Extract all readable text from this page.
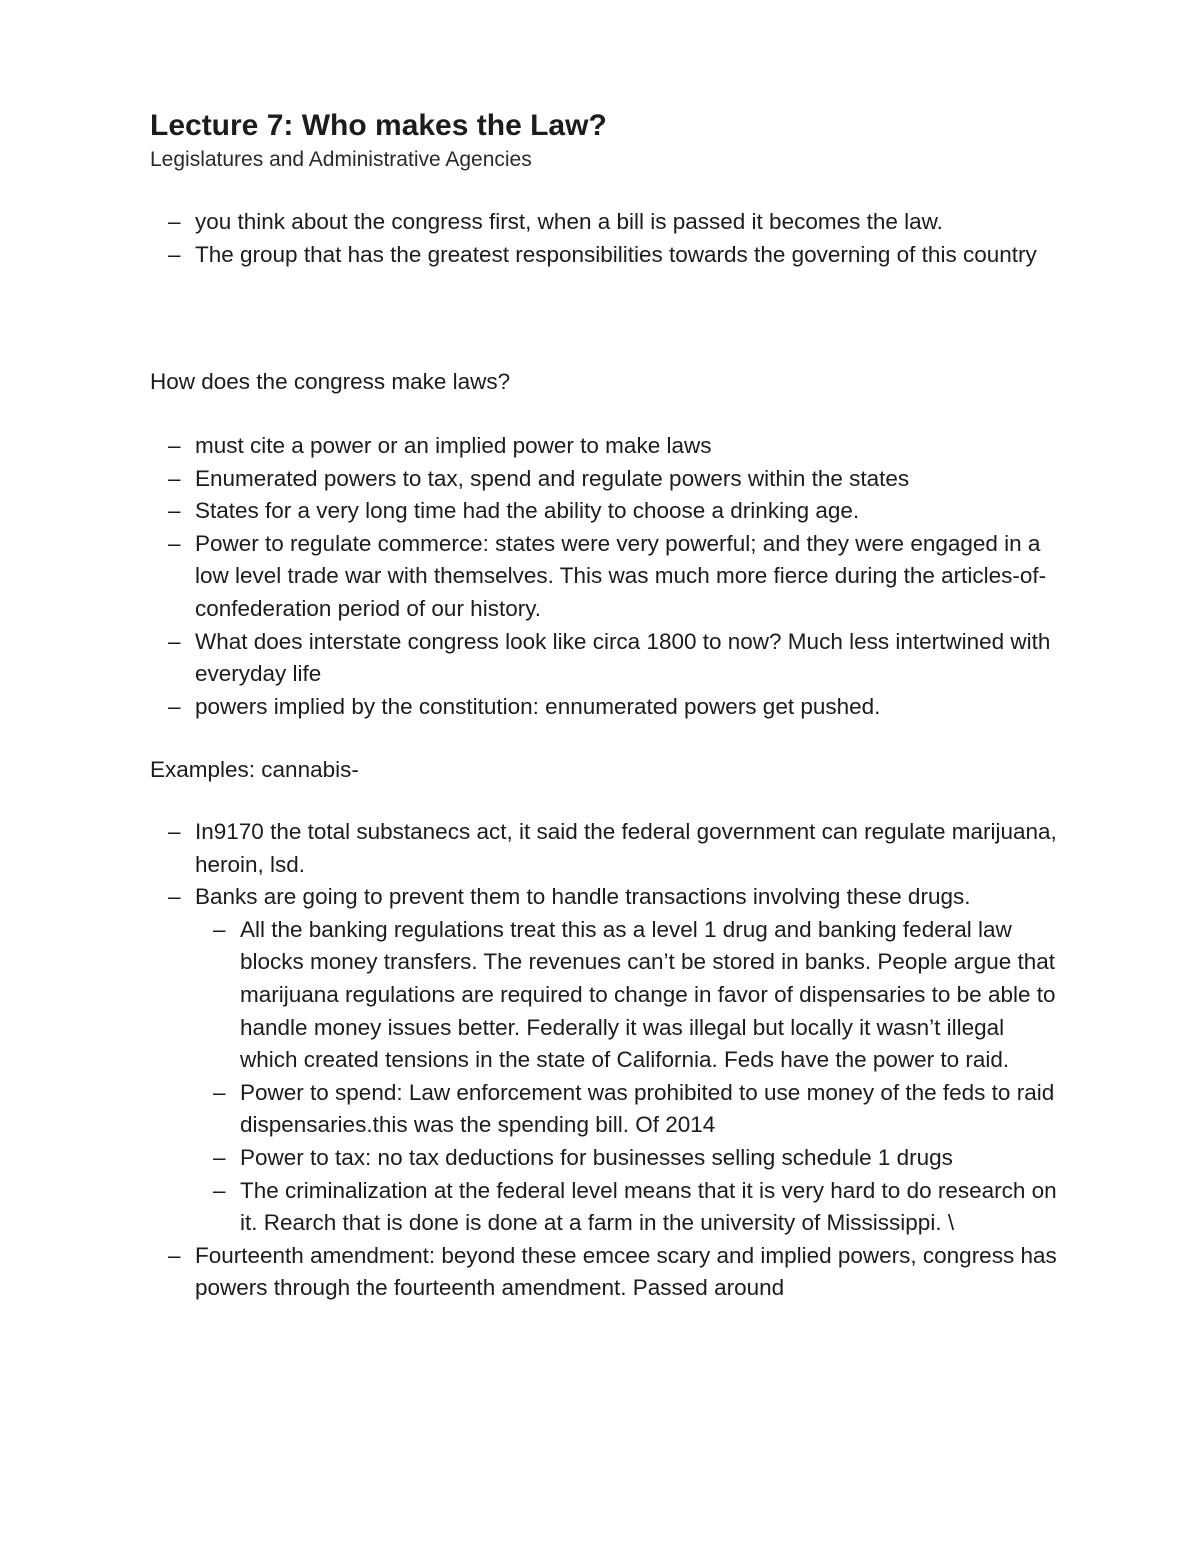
Lecture 7: Who makes the Law?

Legislatures and Administrative Agencies

– you think about the congress first, when a bill is passed it becomes the law.
– The group that has the greatest responsibilities towards the governing of this country

How does the congress make laws?

– must cite a power or an implied power to make laws
– Enumerated powers to tax, spend and regulate powers within the states
– States for a very long time had the ability to choose a drinking age.
– Power to regulate commerce: states were very powerful; and they were engaged in a low level trade war with themselves. This was much more fierce during the articles-of-confederation period of our history.
– What does interstate congress look like circa 1800 to now? Much less intertwined with everyday life
– powers implied by the constitution: ennumerated powers get pushed.

Examples: cannabis-

– In9170 the total substanecs act, it said the federal government can regulate marijuana, heroin, lsd.
– Banks are going to prevent them to handle transactions involving these drugs.
– All the banking regulations treat this as a level 1 drug and banking federal law blocks money transfers. The revenues can’t be stored in banks. People argue that marijuana regulations are required to change in favor of dispensaries to be able to handle money issues better. Federally it was illegal but locally it wasn’t illegal which created tensions in the state of California. Feds have the power to raid.
– Power to spend: Law enforcement was prohibited to use money of the feds to raid dispensaries.this was the spending bill. Of 2014
– Power to tax: no tax deductions for businesses selling schedule 1 drugs
– The criminalization at the federal level means that it is very hard to do research on it. Rearch that is done is done at a farm in the university of Mississippi. \
– Fourteenth amendment: beyond these emcee scary and implied powers, congress has powers through the fourteenth amendment. Passed around
